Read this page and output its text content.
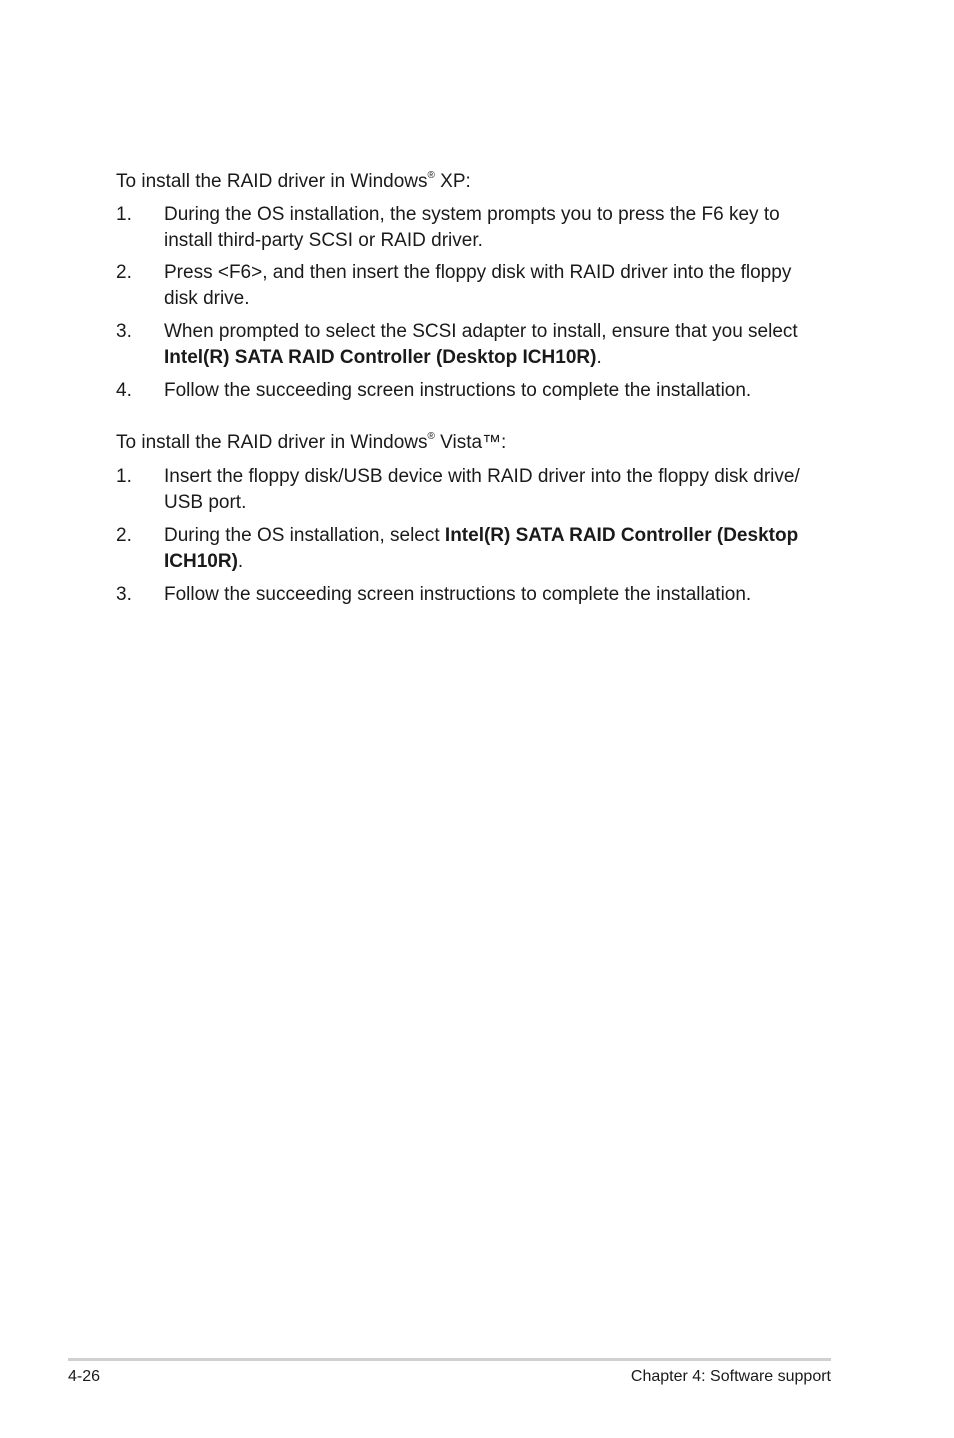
To install the RAID driver in Windows® XP:

1. During the OS installation, the system prompts you to press the F6 key to install third-party SCSI or RAID driver.
2. Press <F6>, and then insert the floppy disk with RAID driver into the floppy disk drive.
3. When prompted to select the SCSI adapter to install, ensure that you select Intel(R) SATA RAID Controller (Desktop ICH10R).
4. Follow the succeeding screen instructions to complete the installation.

To install the RAID driver in Windows® Vista™:

1. Insert the floppy disk/USB device with RAID driver into the floppy disk drive/ USB port.
2. During the OS installation, select Intel(R) SATA RAID Controller (Desktop ICH10R).
3. Follow the succeeding screen instructions to complete the installation.
4-26	Chapter 4: Software support
